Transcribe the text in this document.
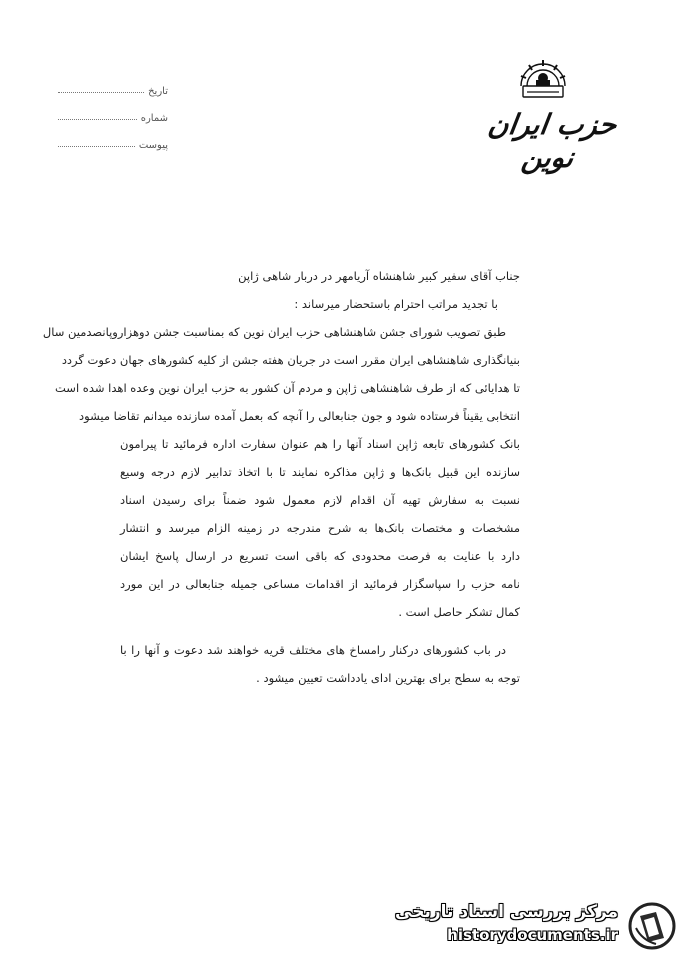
تاریخ
شماره
پیوست
حزب ایران نوین
جناب آقای سفیر کبیر شاهنشاه آریامهر در دربار شاهی ژاپن
با تجدید مراتب احترام باستحضار میرساند :
طبق تصویب شورای جشن شاهنشاهی حزب ایران نوین که بمناسبت جشن دوهزاروپانصدمین سال
بنیانگذاری شاهنشاهی ایران مقرر است در جریان هفته جشن از کلیه کشورهای جهان دعوت گردد
تا هدایائی که از طرف شاهنشاهی ژاپن و مردم آن کشور به حزب ایران نوین وعده اهدا شده است
انتخابی یقیناً فرستاده شود و جون جنابعالی را آنچه که بعمل آمده سازنده میدانم تقاضا میشود
بانک کشورهای تابعه ژاپن اسناد آنها را هم عنوان سفارت اداره فرمائید تا پیرامون
سازنده این قبیل بانک‌ها و ژاپن مذاکره نمایند تا با اتخاذ تدابیر لازم درجه وسیع
نسبت به سفارش تهیه آن اقدام لازم معمول شود ضمناً برای رسیدن اسناد
مشخصات و مختصات بانک‌ها به شرح مندرجه در زمینه الزام میرسد و انتشار
دارد با عنایت به فرصت محدودی که باقی است تسریع در ارسال پاسخ ایشان
نامه حزب را سپاسگزار فرمائید از اقدامات مساعی جمیله جنابعالی در این مورد
کمال تشکر حاصل است .
در باب کشورهای درکنار رامساخ های مختلف قریه خواهند شد دعوت و آنها را با
توجه به سطح برای بهترین ادای یادداشت تعیین میشود .
مرکز بررسی اسناد تاریخی
historydocuments.ir
